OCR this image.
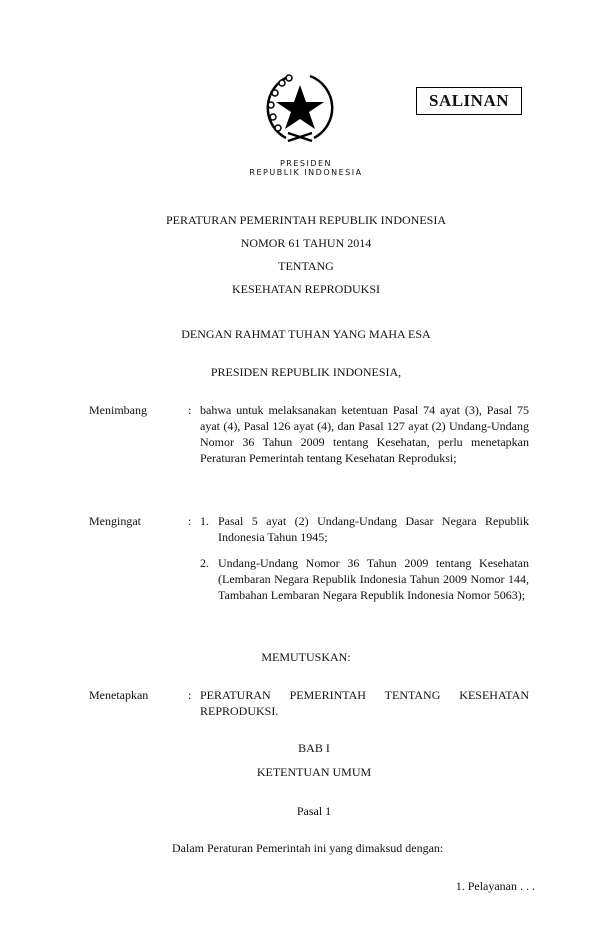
SALINAN
PRESIDEN
REPUBLIK INDONESIA
PERATURAN PEMERINTAH REPUBLIK INDONESIA
NOMOR 61 TAHUN 2014
TENTANG
KESEHATAN REPRODUKSI
DENGAN RAHMAT TUHAN YANG MAHA ESA
PRESIDEN REPUBLIK INDONESIA,
Menimbang	: bahwa untuk melaksanakan ketentuan Pasal 74 ayat (3), Pasal 75 ayat (4), Pasal 126 ayat (4), dan Pasal 127 ayat (2) Undang-Undang Nomor 36 Tahun 2009 tentang Kesehatan, perlu menetapkan Peraturan Pemerintah tentang Kesehatan Reproduksi;
Mengingat	: 1. Pasal 5 ayat (2) Undang-Undang Dasar Negara Republik Indonesia Tahun 1945;
2. Undang-Undang Nomor 36 Tahun 2009 tentang Kesehatan (Lembaran Negara Republik Indonesia Tahun 2009 Nomor 144, Tambahan Lembaran Negara Republik Indonesia Nomor 5063);
MEMUTUSKAN:
Menetapkan	: PERATURAN PEMERINTAH TENTANG KESEHATAN REPRODUKSI.
BAB I
KETENTUAN UMUM
Pasal 1
Dalam Peraturan Pemerintah ini yang dimaksud dengan:
1. Pelayanan . . .
